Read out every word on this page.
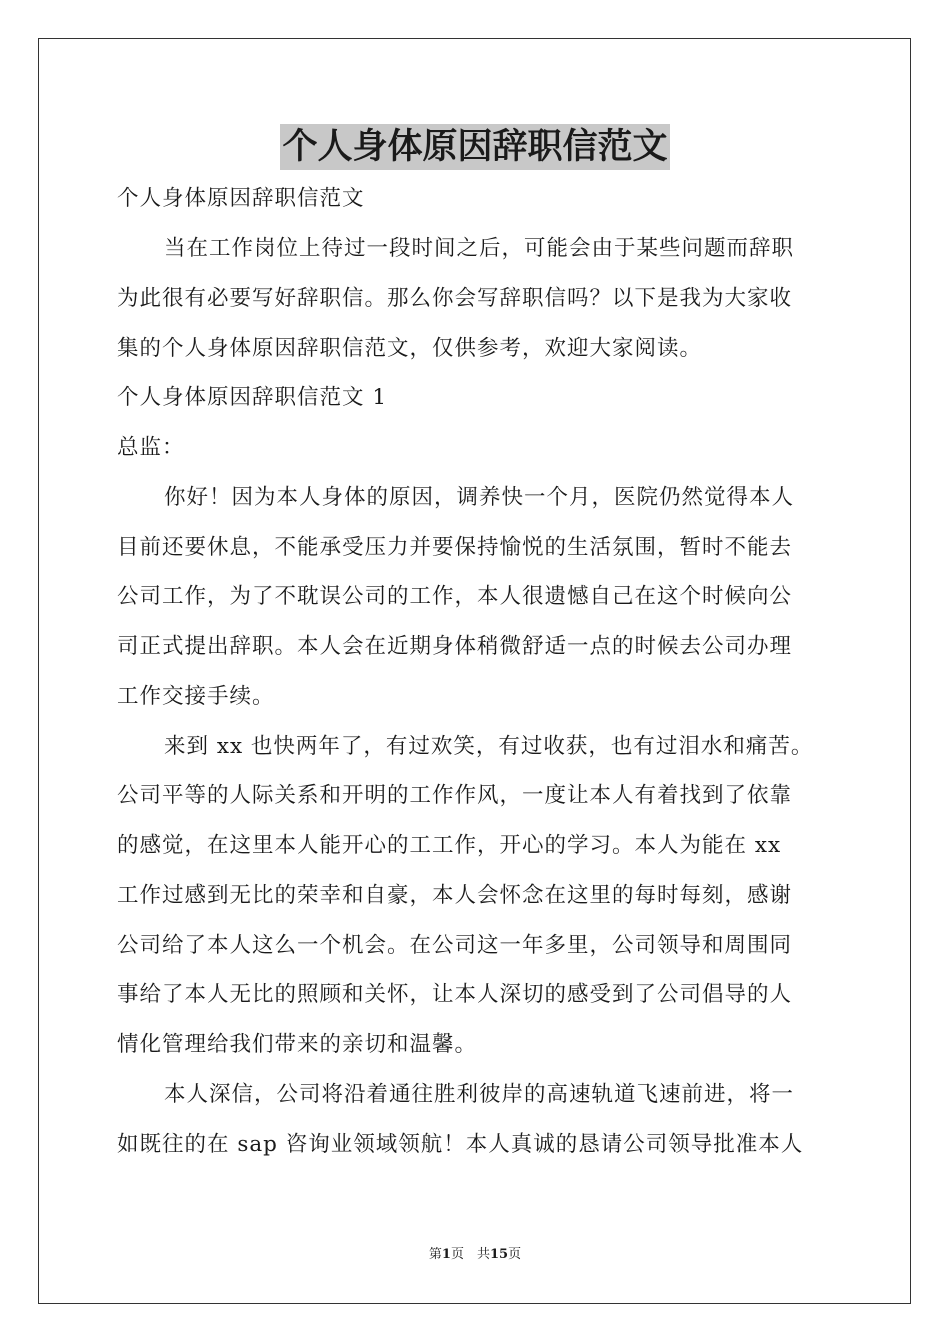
个人身体原因辞职信范文
个人身体原因辞职信范文
当在工作岗位上待过一段时间之后，可能会由于某些问题而辞职
为此很有必要写好辞职信。那么你会写辞职信吗？以下是我为大家收
集的个人身体原因辞职信范文，仅供参考，欢迎大家阅读。
个人身体原因辞职信范文 1
总监：
你好！因为本人身体的原因，调养快一个月，医院仍然觉得本人
目前还要休息，不能承受压力并要保持愉悦的生活氛围，暂时不能去
公司工作，为了不耽误公司的工作，本人很遗憾自己在这个时候向公
司正式提出辞职。本人会在近期身体稍微舒适一点的时候去公司办理
工作交接手续。
来到 xx 也快两年了，有过欢笑，有过收获，也有过泪水和痛苦。
公司平等的人际关系和开明的工作作风，一度让本人有着找到了依靠
的感觉，在这里本人能开心的工工作，开心的学习。本人为能在 xx
工作过感到无比的荣幸和自豪，本人会怀念在这里的每时每刻，感谢
公司给了本人这么一个机会。在公司这一年多里，公司领导和周围同
事给了本人无比的照顾和关怀，让本人深切的感受到了公司倡导的人
情化管理给我们带来的亲切和温馨。
本人深信，公司将沿着通往胜利彼岸的高速轨道飞速前进，将一
如既往的在 sap 咨询业领域领航！本人真诚的恳请公司领导批准本人
第1页　共15页
